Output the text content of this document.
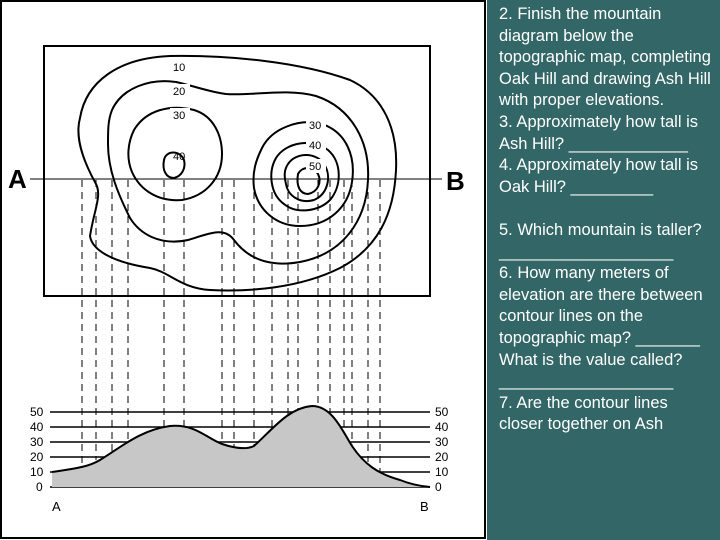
A	B
10
20
30
40
30
40
50
50
40
30
20
10
0
50
40
30
20
10
0
A	B

2. Finish the mountain diagram below the topographic map, completing Oak Hill and drawing Ash Hill with proper elevations.

3. Approximately how tall is Ash Hill? _____________

4. Approximately how tall is Oak Hill? _________

5. Which mountain is taller? ___________________

6. How many meters of elevation are there between contour lines on the topographic map? _______

What is the value called? ___________________

7. Are the contour lines closer together on Ash
